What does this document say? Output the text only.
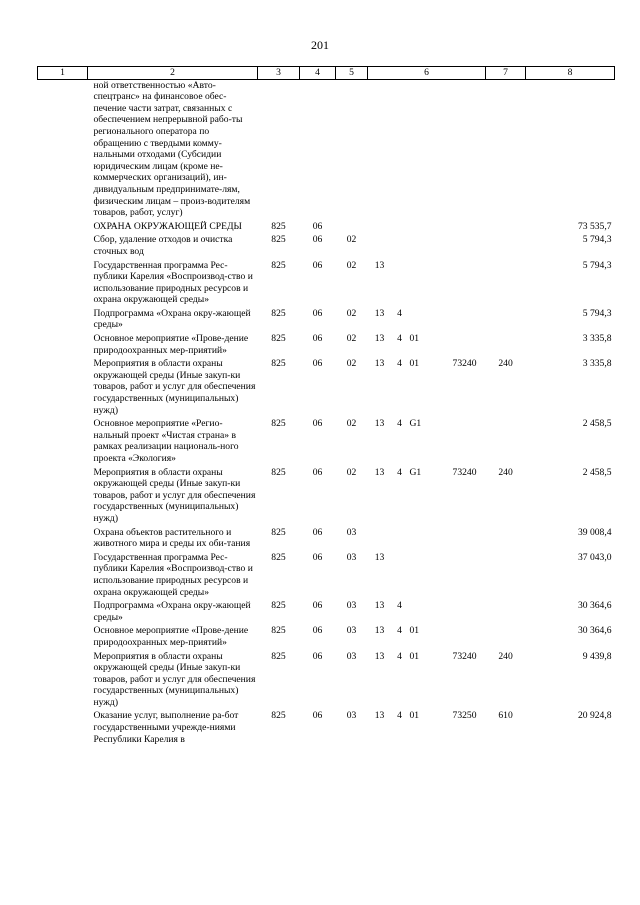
201
1	2	3	4	5	6				7	8
	ной ответственностью «Авто-спецтранс» на финансовое обес-печение части затрат, связанных с обеспечением непрерывной рабо-ты регионального оператора по обращению с твердыми комму-нальными отходами (Субсидии юридическим лицам (кроме не-коммерческих организаций), ин-дивидуальным предпринимате-лям, физическим лицам – произ-водителям товаров, работ, услуг)									
	ОХРАНА ОКРУЖАЮЩЕЙ СРЕДЫ	825	06							73 535,7
	Сбор, удаление отходов и очистка сточных вод	825	06	02						5 794,3
	Государственная программа Рес-публики Карелия «Воспроизвод-ство и использование природных ресурсов и охрана окружающей среды»	825	06	02	13					5 794,3
	Подпрограмма «Охрана окру-жающей среды»	825	06	02	13	4				5 794,3
	Основное мероприятие «Прове-дение природоохранных мер-приятий»	825	06	02	13	4	01			3 335,8
	Мероприятия в области охраны окружающей среды (Иные закуп-ки товаров, работ и услуг для обеспечения государственных (муниципальных) нужд)	825	06	02	13	4	01	73240	240	3 335,8
	Основное мероприятие «Регио-нальный проект «Чистая страна» в рамках реализации националь-ного проекта «Экология»	825	06	02	13	4	G1			2 458,5
	Мероприятия в области охраны окружающей среды (Иные закуп-ки товаров, работ и услуг для обеспечения государственных (муниципальных) нужд)	825	06	02	13	4	G1	73240	240	2 458,5
	Охрана объектов растительного и животного мира и среды их оби-тания	825	06	03						39 008,4
	Государственная программа Рес-публики Карелия «Воспроизвод-ство и использование природных ресурсов и охрана окружающей среды»	825	06	03	13					37 043,0
	Подпрограмма «Охрана окру-жающей среды»	825	06	03	13	4				30 364,6
	Основное мероприятие «Прове-дение природоохранных мер-приятий»	825	06	03	13	4	01			30 364,6
	Мероприятия в области охраны окружающей среды (Иные закуп-ки товаров, работ и услуг для обеспечения государственных (муниципальных) нужд)	825	06	03	13	4	01	73240	240	9 439,8
	Оказание услуг, выполнение ра-бот государственными учрежде-ниями Республики Карелия в	825	06	03	13	4	01	73250	610	20 924,8
